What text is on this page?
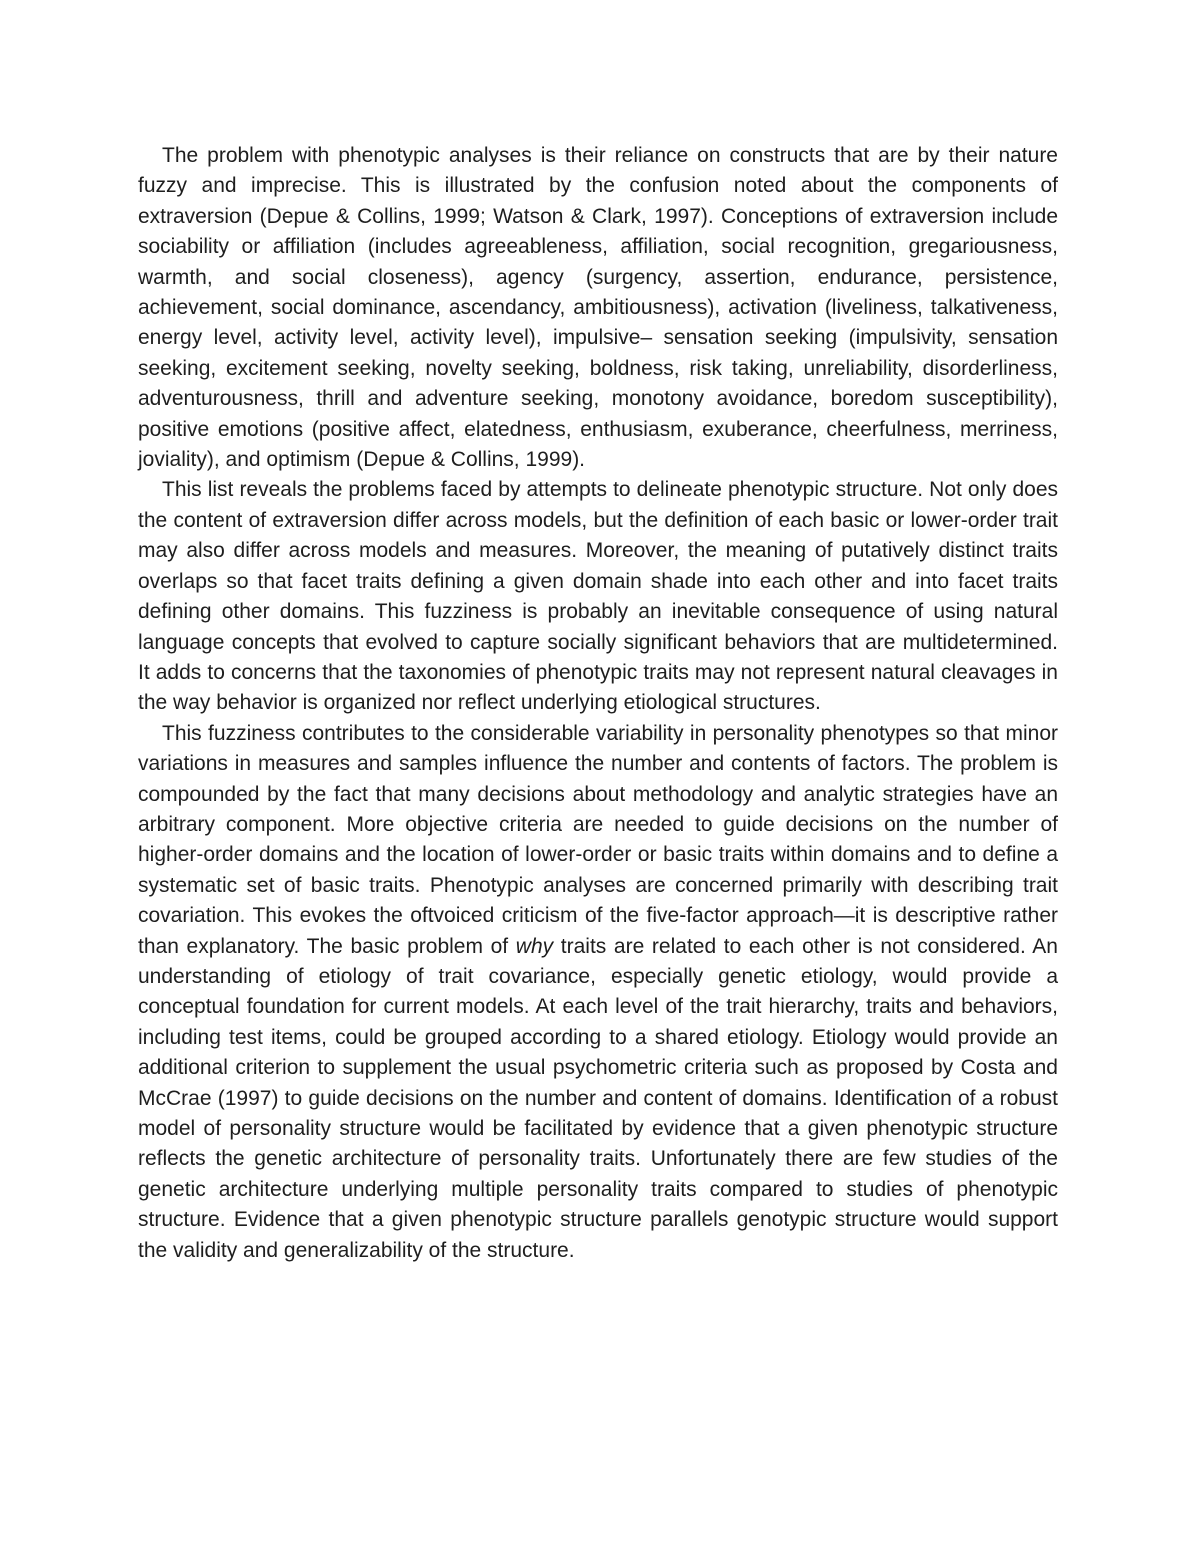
The problem with phenotypic analyses is their reliance on constructs that are by their nature fuzzy and imprecise. This is illustrated by the confusion noted about the components of extraversion (Depue & Collins, 1999; Watson & Clark, 1997). Conceptions of extraversion include sociability or affiliation (includes agreeableness, affiliation, social recognition, gregariousness, warmth, and social closeness), agency (surgency, assertion, endurance, persistence, achievement, social dominance, ascendancy, ambitiousness), activation (liveliness, talkativeness, energy level, activity level, activity level), impulsive– sensation seeking (impulsivity, sensation seeking, excitement seeking, novelty seeking, boldness, risk taking, unreliability, disorderliness, adventurousness, thrill and adventure seeking, monotony avoidance, boredom susceptibility), positive emotions (positive affect, elatedness, enthusiasm, exuberance, cheerfulness, merriness, joviality), and optimism (Depue & Collins, 1999).

This list reveals the problems faced by attempts to delineate phenotypic structure. Not only does the content of extraversion differ across models, but the definition of each basic or lower-order trait may also differ across models and measures. Moreover, the meaning of putatively distinct traits overlaps so that facet traits defining a given domain shade into each other and into facet traits defining other domains. This fuzziness is probably an inevitable consequence of using natural language concepts that evolved to capture socially significant behaviors that are multidetermined. It adds to concerns that the taxonomies of phenotypic traits may not represent natural cleavages in the way behavior is organized nor reflect underlying etiological structures.

This fuzziness contributes to the considerable variability in personality phenotypes so that minor variations in measures and samples influence the number and contents of factors. The problem is compounded by the fact that many decisions about methodology and analytic strategies have an arbitrary component. More objective criteria are needed to guide decisions on the number of higher-order domains and the location of lower-order or basic traits within domains and to define a systematic set of basic traits. Phenotypic analyses are concerned primarily with describing trait covariation. This evokes the oftvoiced criticism of the five-factor approach—it is descriptive rather than explanatory. The basic problem of why traits are related to each other is not considered. An understanding of etiology of trait covariance, especially genetic etiology, would provide a conceptual foundation for current models. At each level of the trait hierarchy, traits and behaviors, including test items, could be grouped according to a shared etiology. Etiology would provide an additional criterion to supplement the usual psychometric criteria such as proposed by Costa and McCrae (1997) to guide decisions on the number and content of domains. Identification of a robust model of personality structure would be facilitated by evidence that a given phenotypic structure reflects the genetic architecture of personality traits. Unfortunately there are few studies of the genetic architecture underlying multiple personality traits compared to studies of phenotypic structure. Evidence that a given phenotypic structure parallels genotypic structure would support the validity and generalizability of the structure.
